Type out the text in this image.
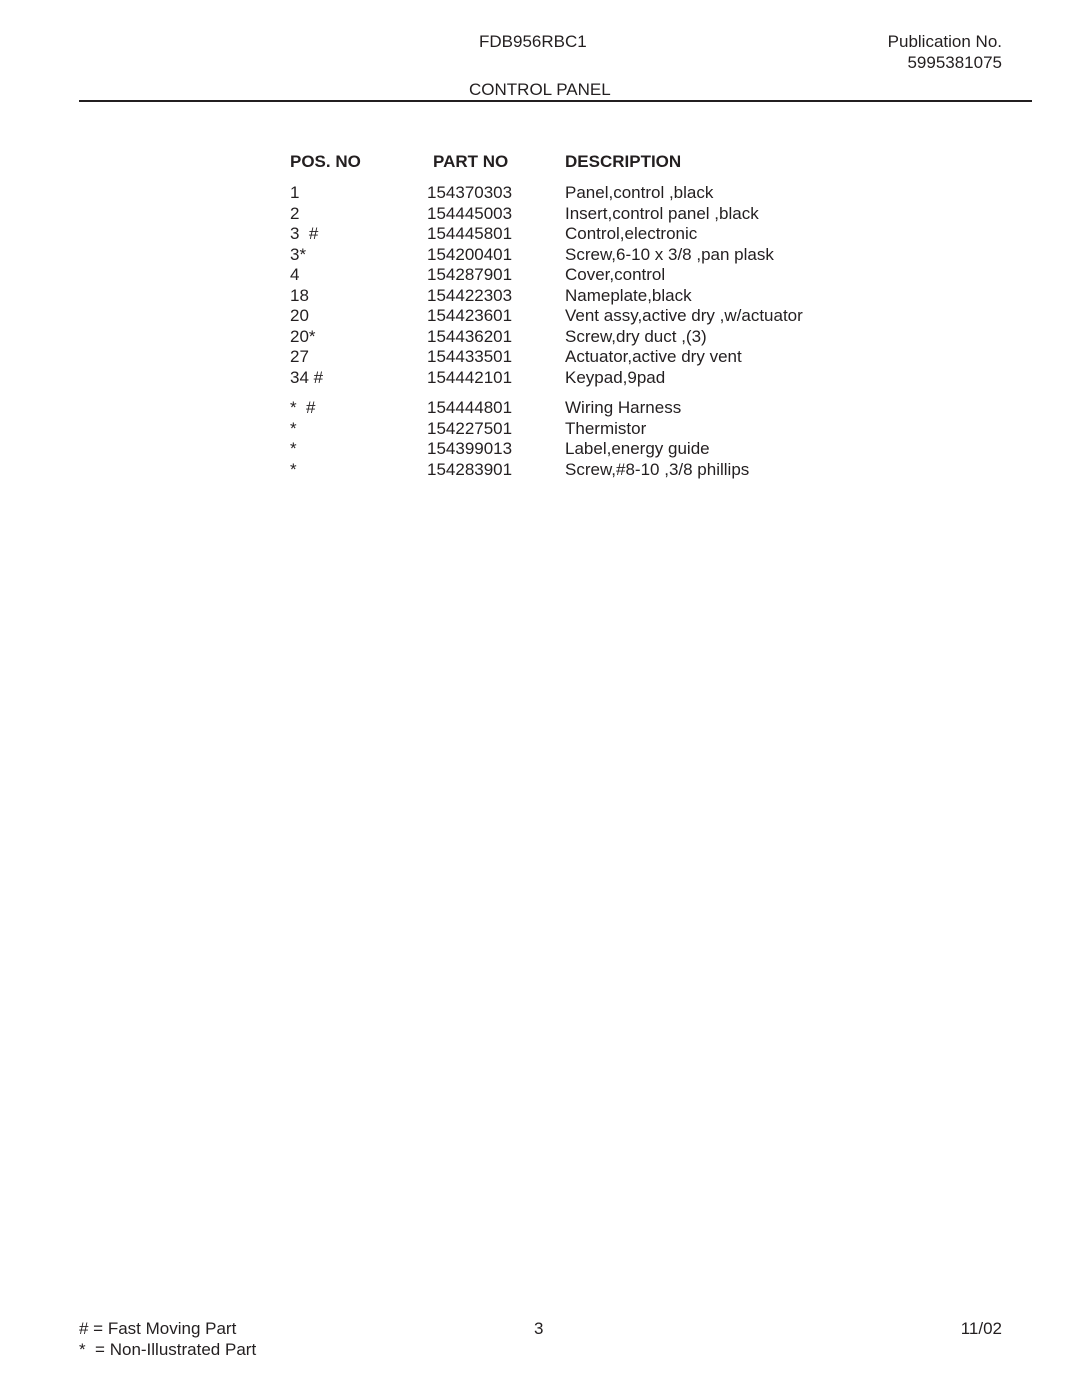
FDB956RBC1	Publication No.
5995381075
CONTROL PANEL
POS. NO	PART NO	DESCRIPTION
1	154370303	Panel,control ,black
2	154445003	Insert,control panel ,black
3  #	154445801	Control,electronic
3*	154200401	Screw,6-10 x 3/8 ,pan plask
4	154287901	Cover,control
18	154422303	Nameplate,black
20	154423601	Vent assy,active dry ,w/actuator
20*	154436201	Screw,dry duct ,(3)
27	154433501	Actuator,active dry vent
34 #	154442101	Keypad,9pad
*  #	154444801	Wiring Harness
*	154227501	Thermistor
*	154399013	Label,energy guide
*	154283901	Screw,#8-10 ,3/8 phillips
# = Fast Moving Part
*  = Non-Illustrated Part
3	11/02
